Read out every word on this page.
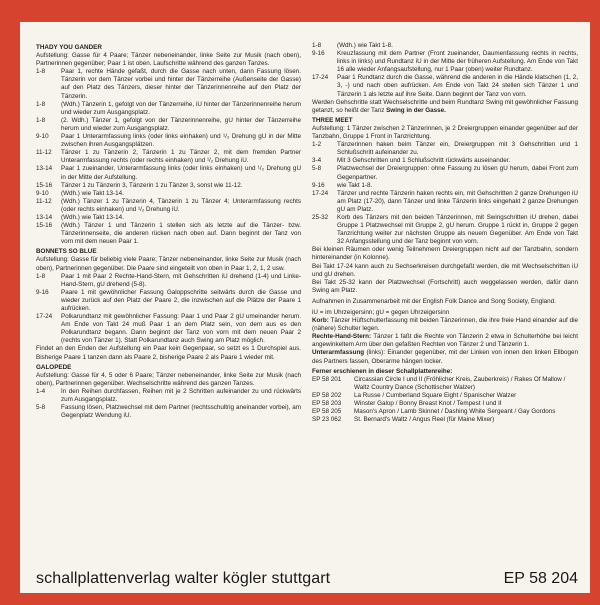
THADY YOU GANDER
Aufstellung: Gasse für 4 Paare; Tänzer nebeneinander, linke Seite zur Musik (nach oben), Partnerinnen gegenüber; Paar 1 ist oben. Laufschritte während des ganzen Tanzes.
1-8	Paar 1, rechte Hände gefaßt, durch die Gasse nach unten, dann Fassung lösen. Tänzerin vor dem Tänzer vorbei und hinter der Tänzerreihe (Außenseite der Gasse) auf den Platz des Tänzers, dieser hinter der Tänzerinnenreihe auf den Platz der Tänzerin.
1-8	(Wdh.) Tänzerin 1, gefolgt von der Tänzerreihe, iU hinter der Tänzerinnenreihe herum und wieder zum Ausgangsplatz.
1-8	(2. Wdh.) Tänzer 1, gefolgt von der Tänzerinnenreihe, gU hinter der Tänzerreihe herum und wieder zum Ausgangsplatz.
9-10	Paar 1 Unterarmfassung links (oder links einhaken) und ¹/₂ Drehung gU in der Mitte zwischen ihren Ausgangsplätzen.
11-12	Tänzer 1 zu Tänzerin 2, Tänzerin 1 zu Tänzer 2, mit dem fremden Partner Unterarmfassung rechts (oder rechts einhaken) und ¹/₂ Drehung iU.
13-14	Paar 1 zueinander, Unterarmfassung links (oder links einhaken) und ¹/₂ Drehung gU in der Mitte der Aufstellung.
15-16	Tänzer 1 zu Tänzerin 3, Tänzerin 1 zu Tänzer 3, sonst wie 11-12.
9-10	(Wdh.) wie Takt 13-14.
11-12	(Wdh.) Tänzer 1 zu Tänzerin 4, Tänzerin 1 zu Tänzer 4; Unterarmfassung rechts (oder rechts einhaken) und ¹/₂ Drehung iU.
13-14	(Wdh.) wie Takt 13-14.
15-16	(Wdh.) Tänzer 1 und Tänzerin 1 stellen sich als letzte auf die Tänzer- bzw. Tänzerinnenseite, die anderen rücken nach oben auf. Dann beginnt der Tanz von vorn mit dem neuen Paar 1.
BONNETS SO BLUE
Aufstellung: Gasse für beliebig viele Paare; Tänzer nebeneinander, linke Seite zur Musik (nach oben), Partnerinnen gegenüber. Die Paare sind eingeteilt von oben in Paar 1, 2, 1, 2 usw.
1-8	Paar 1 mit Paar 2 Rechte-Hand-Stern, mit Gehschritten iU drehend (1-4) und Linke-Hand-Stern, gU drehend (5-8).
9-16	Paare 1 mit gewöhnlicher Fassung Galoppschritte seitwärts durch die Gasse und wieder zurück auf den Platz der Paare 2, die inzwischen auf die Plätze der Paare 1 aufrücken.
17-24	Polkarundtanz mit gewöhnlicher Fassung: Paar 1 und Paar 2 gU umeinander herum. Am Ende von Takt 24 muß Paar 1 an dem Platz sein, von dem aus es den Polkarundtanz begann. Dann beginnt der Tanz von vorn mit dem neuen Paar 2 (rechts von Tänzer 1). Statt Polkarundtanz auch Swing am Platz möglich.
Findet an den Enden der Aufstellung ein Paar kein Gegenpaar, so setzt es 1 Durchspiel aus. Bisherige Paare 1 tanzen dann als Paare 2, bisherige Paare 2 als Paare 1 wieder mit.
GALOPEDE
Aufstellung: Gasse für 4, 5 oder 6 Paare; Tänzer nebeneinander, linke Seite zur Musik (nach oben), Partnerinnen gegenüber. Wechselschritte während des ganzen Tanzes.
1-4	In den Reihen durchfassen, Reihen mit je 2 Schritten aufeinander zu und rückwärts zum Ausgangsplatz.
5-8	Fassung lösen, Platzwechsel mit dem Partner (rechtsschultrig aneinander vorbei), am Gegenplatz Wendung iU.
1-8	(Wdh.) wie Takt 1-8.
9-16	Kreuzfassung mit dem Partner (Front zueinander, Daumenfassung rechts in rechts, links in links) und Rundtanz iU in der Mitte der früheren Aufstellung. Am Ende von Takt 16 alle wieder Anfangsaufstellung, nur 1 Paar (oben) weiter Rundtanz.
17-24	Paar 1 Rundtanz durch die Gasse, während die anderen in die Hände klatschen (1, 2, 3, -) und nach oben aufrücken. Am Ende von Takt 24 stellen sich Tänzer 1 und Tänzerin 1 als letzte auf ihre Seite. Dann beginnt der Tanz von vorn.
Werden Gehschritte statt Wechselschritte und beim Rundtanz Swing mit gewöhnlicher Fassung getanzt, so heißt der Tanz Swing in der Gasse.
THREE MEET
Aufstellung: 1 Tänzer zwischen 2 Tänzerinnen, je 2 Dreiergruppen einander gegenüber auf der Tanzbahn, Gruppe 1 Front in Tanzrichtung.
1-2	Tänzerinnen haken beim Tänzer ein, Dreiergruppen mit 3 Gehschritten und 1 Schlußschritt aufeinander zu.
3-4	Mit 3 Gehschritten und 1 Schlußschritt rückwärts auseinander.
5-8	Platzwechsel der Dreiergruppen: ohne Fassung zu lösen gU herum, dabei Front zum Gegenpartner.
9-16	wie Takt 1-8.
17-24	Tänzer und rechte Tänzerin haken rechts ein, mit Gehschritten 2 ganze Drehungen iU am Platz (17-20), dann Tänzer und linke Tänzerin links eingehakt 2 ganze Drehungen gU am Platz.
25-32	Korb des Tänzers mit den beiden Tänzerinnen, mit Swingschritten iU drehen, dabei Gruppe 1 Platzwechsel mit Gruppe 2, gU herum. Gruppe 1 rückt in, Gruppe 2 gegen Tanzrichtung weiter zur nächsten Gruppe als neuem Gegenüber. Am Ende von Takt 32 Anfangsstellung und der Tanz beginnt von vorn.
Bei kleinen Räumen oder wenig Teilnehmern Dreiergruppen nicht auf der Tanzbahn, sondern hintereinander (in Kolonne).
Bei Takt 17-24 kann auch zu Sechserkreisen durchgefaßt werden, die mit Wechselschritten iU und gU drehen.
Bei Takt 25-32 kann der Platzwechsel (Fortschritt) auch weggelassen werden, dafür dann Swing am Platz.
Aufnahmen in Zusammenarbeit mit der English Folk Dance and Song Society, England.
iU = im Uhrzeigersinn; gU = gegen Uhrzeigersinn
Korb: Tänzer Hüftschulterfassung mit beiden Tänzerinnen, die ihre freie Hand einander auf die (nähere) Schulter legen.
Rechte-Hand-Stern: Tänzer 1 faßt die Rechte von Tänzerin 2 etwa in Schulterhöhe bei leicht angewinkeltem Arm über den gefaßten Rechten von Tänzer 2 und Tänzerin 1.
Unterarmfassung (links): Einander gegenüber, mit der Linken von innen den linken Ellbogen des Partners fassen, Oberarme hängen locker.
Ferner erschienen in dieser Schallplattenreihe:
EP 58 201	Circassian Circle I und II (Fröhlicher Kreis, Zauberkreis) / Rakes Of Mallow / Waltz Country Dance (Schottischer Walzer)
EP 58 202	La Russe / Cumberland Square Eight / Spanischer Walzer
EP 58 203	Winster Galop / Bonny Breast Knot / Tempest I und II
EP 58 205	Mason's Apron / Lamb Skinnet / Dashing White Sergeant / Gay Gordons
SP 23 062	St. Bernard's Waltz / Angus Reel (für Maine Mixer)
schallplattenverlag walter kögler stuttgart	EP 58 204
